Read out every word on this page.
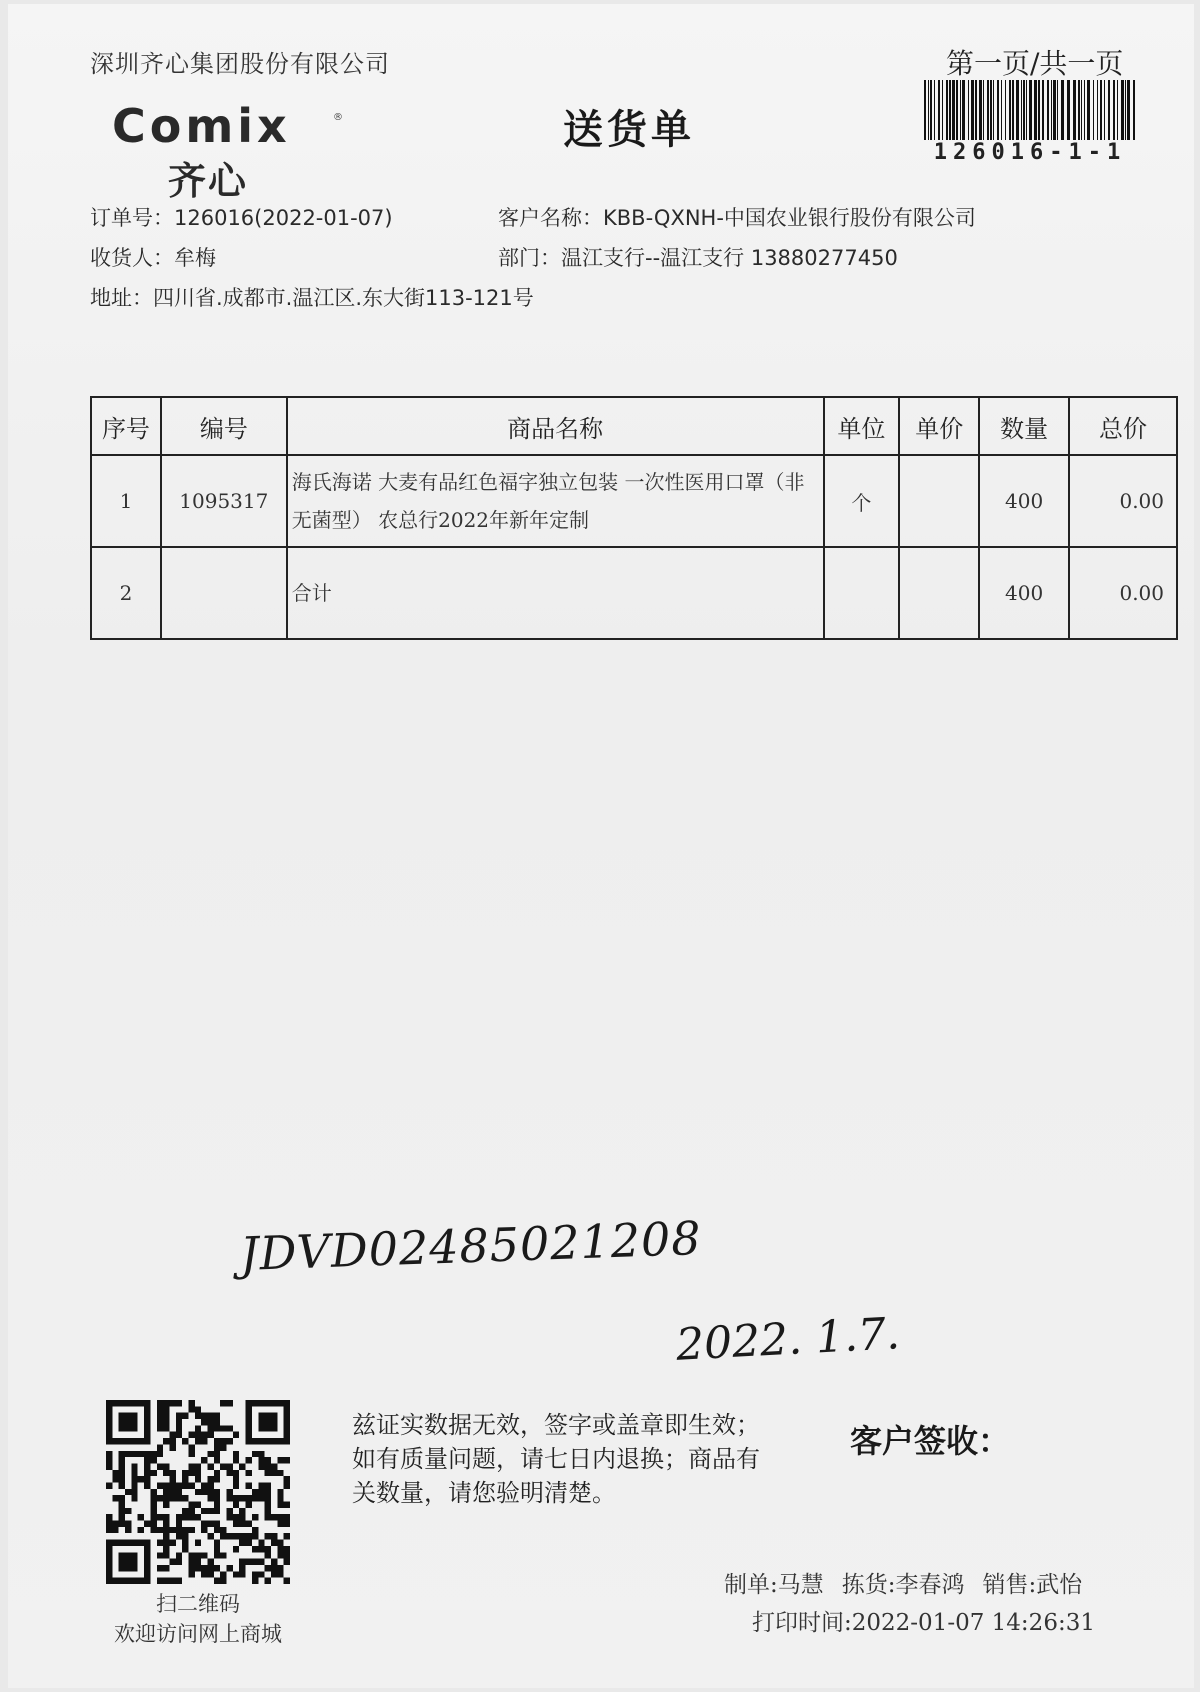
深圳齐心集团股份有限公司	第一页/共一页
Comix	®
齐心
送货单	126016-1-1
订单号：126016(2022-01-07)	客户名称：KBB-QXNH-中国农业银行股份有限公司
收货人：牟梅	部门：温江支行--温江支行 13880277450
地址：四川省.成都市.温江区.东大街113-121号
序号	编号	商品名称	单位	单价	数量	总价
1	1095317	海氏海诺 大麦有品红色福字独立包装 一次性医用口罩（非无菌型） 农总行2022年新年定制	个		400	0.00
2		合计			400	0.00
JDVD02485021208
2022. 1.7.
扫二维码
欢迎访问网上商城
兹证实数据无效，签字或盖章即生效；如有质量问题，请七日内退换；商品有关数量，请您验明清楚。
客户签收：
制单:马慧 拣货:李春鸿 销售:武怡
打印时间:2022-01-07 14:26:31
